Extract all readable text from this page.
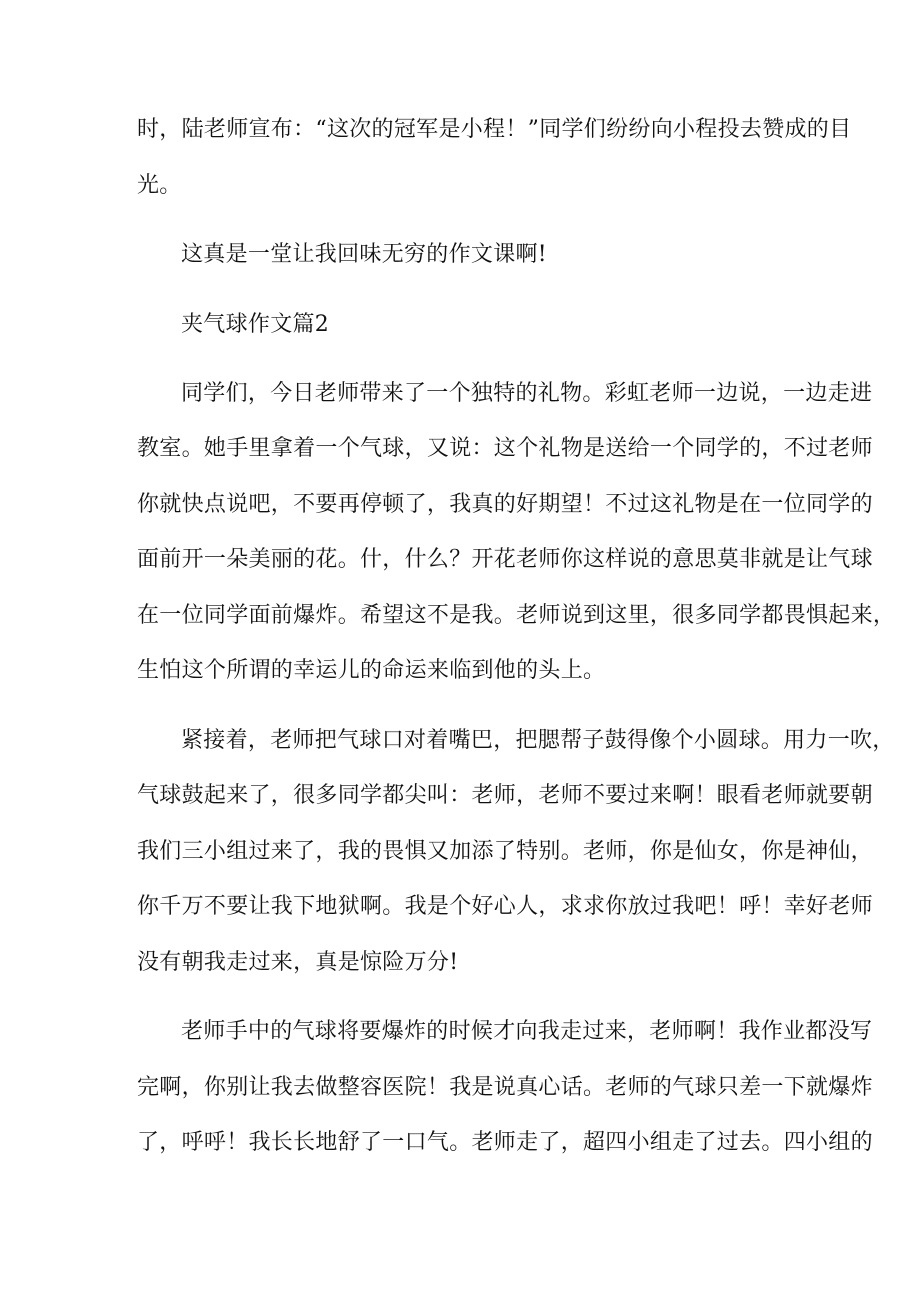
时，陆老师宣布：“这次的冠军是小程！”同学们纷纷向小程投去赞成的目
光。
这真是一堂让我回味无穷的作文课啊!
夹气球作文篇2
同学们，今日老师带来了一个独特的礼物。彩虹老师一边说，一边走进
教室。她手里拿着一个气球，又说：这个礼物是送给一个同学的，不过老师
你就快点说吧，不要再停顿了，我真的好期望！不过这礼物是在一位同学的
面前开一朵美丽的花。什，什么？开花老师你这样说的意思莫非就是让气球
在一位同学面前爆炸。希望这不是我。老师说到这里，很多同学都畏惧起来，
生怕这个所谓的幸运儿的命运来临到他的头上。
紧接着，老师把气球口对着嘴巴，把腮帮子鼓得像个小圆球。用力一吹，
气球鼓起来了，很多同学都尖叫：老师，老师不要过来啊！眼看老师就要朝
我们三小组过来了，我的畏惧又加添了特别。老师，你是仙女，你是神仙，
你千万不要让我下地狱啊。我是个好心人，求求你放过我吧！呼！幸好老师
没有朝我走过来，真是惊险万分!
老师手中的气球将要爆炸的时候才向我走过来，老师啊！我作业都没写
完啊，你别让我去做整容医院！我是说真心话。老师的气球只差一下就爆炸
了，呼呼！我长长地舒了一口气。老师走了，超四小组走了过去。四小组的
